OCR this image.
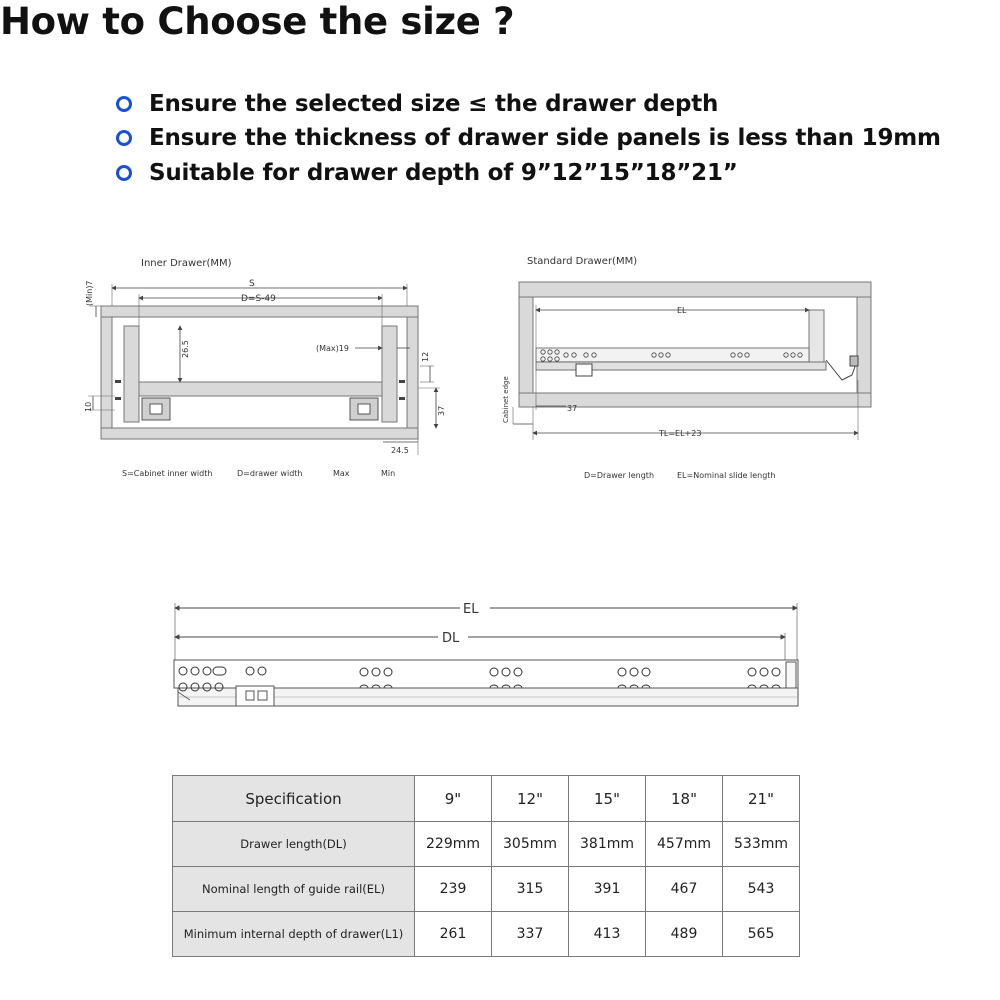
How to Choose the size ?
Ensure the selected size ≤ the drawer depth
Ensure the thickness of drawer side panels is less than 19mm
Suitable for drawer depth of 9”12”15”18”21”
Inner Drawer(MM)
S
D=S-49
(Min)7
26.5	(Max)19
12
10	37
24.5
S=Cabinet inner width	D=drawer width	Max	Min
Standard Drawer(MM)
EL
37
Cabinet edge
TL=EL+23
D=Drawer length	EL=Nominal slide length
EL
DL
Specification	9"	12"	15"	18"	21"
Drawer length(DL)	229mm	305mm	381mm	457mm	533mm
Nominal length of guide rail(EL)	239	315	391	467	543
Minimum internal depth of drawer(L1)	261	337	413	489	565
